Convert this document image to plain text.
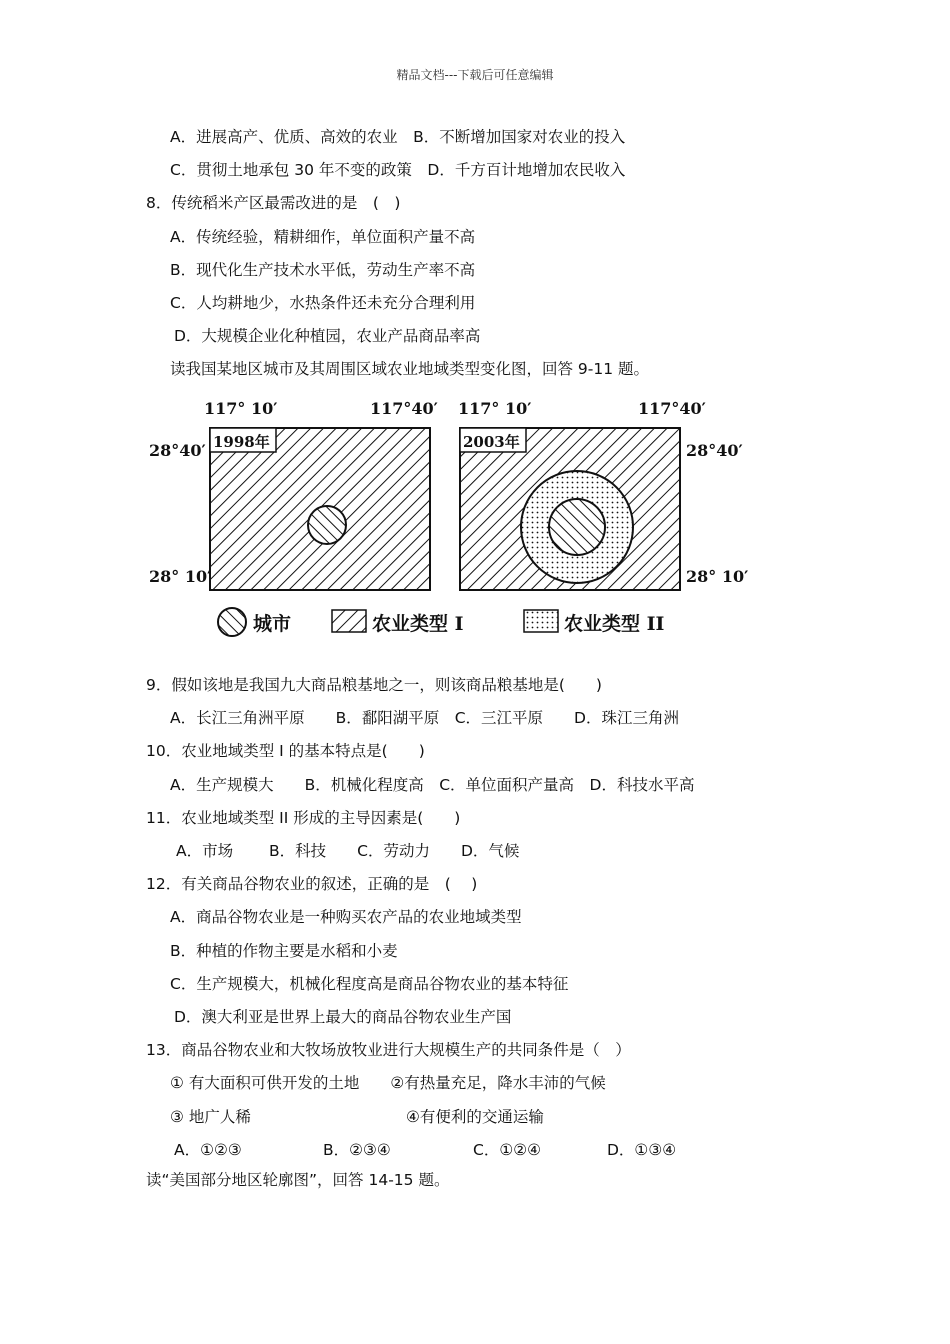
精品文档---下载后可任意编辑
A．进展高产、优质、高效的农业　B．不断增加国家对农业的投入
C．贯彻土地承包 30 年不变的政策　D．千方百计地增加农民收入
8．传统稻米产区最需改进的是　(　)
A．传统经验，精耕细作，单位面积产量不高
B．现代化生产技术水平低，劳动生产率不高
C．人均耕地少，水热条件还未充分合理利用
D．大规模企业化种植园，农业产品商品率高
读我国某地区城市及其周围区域农业地域类型变化图，回答 9-11 题。
117° 10′	117°40′ 117° 10′	117°40′
28°40′
28° 10′
28°40′
28° 10′
1998年	2003年
城市	农业类型 I	农业类型 II
9．假如该地是我国九大商品粮基地之一，则该商品粮基地是(　　)
A．长江三角洲平原　　B．鄱阳湖平原　C．三江平原　　D．珠江三角洲
10．农业地域类型 I 的基本特点是(　　)
A．生产规模大　　B．机械化程度高　C．单位面积产量高　D．科技水平高
11．农业地域类型 II 形成的主导因素是(　　)
A．市场　　 B．科技　　C．劳动力　　D．气候
12．有关商品谷物农业的叙述，正确的是　(　 )
A．商品谷物农业是一种购买农产品的农业地域类型
B．种植的作物主要是水稻和小麦
C．生产规模大，机械化程度高是商品谷物农业的基本特征
D．澳大利亚是世界上最大的商品谷物农业生产国
13．商品谷物农业和大牧场放牧业进行大规模生产的共同条件是（　）
① 有大面积可供开发的土地　　②有热量充足，降水丰沛的气候
③ 地广人稀	④有便利的交通运输
A．①②③	B．②③④	C．①②④	D．①③④
读“美国部分地区轮廓图”，回答 14-15 题。
